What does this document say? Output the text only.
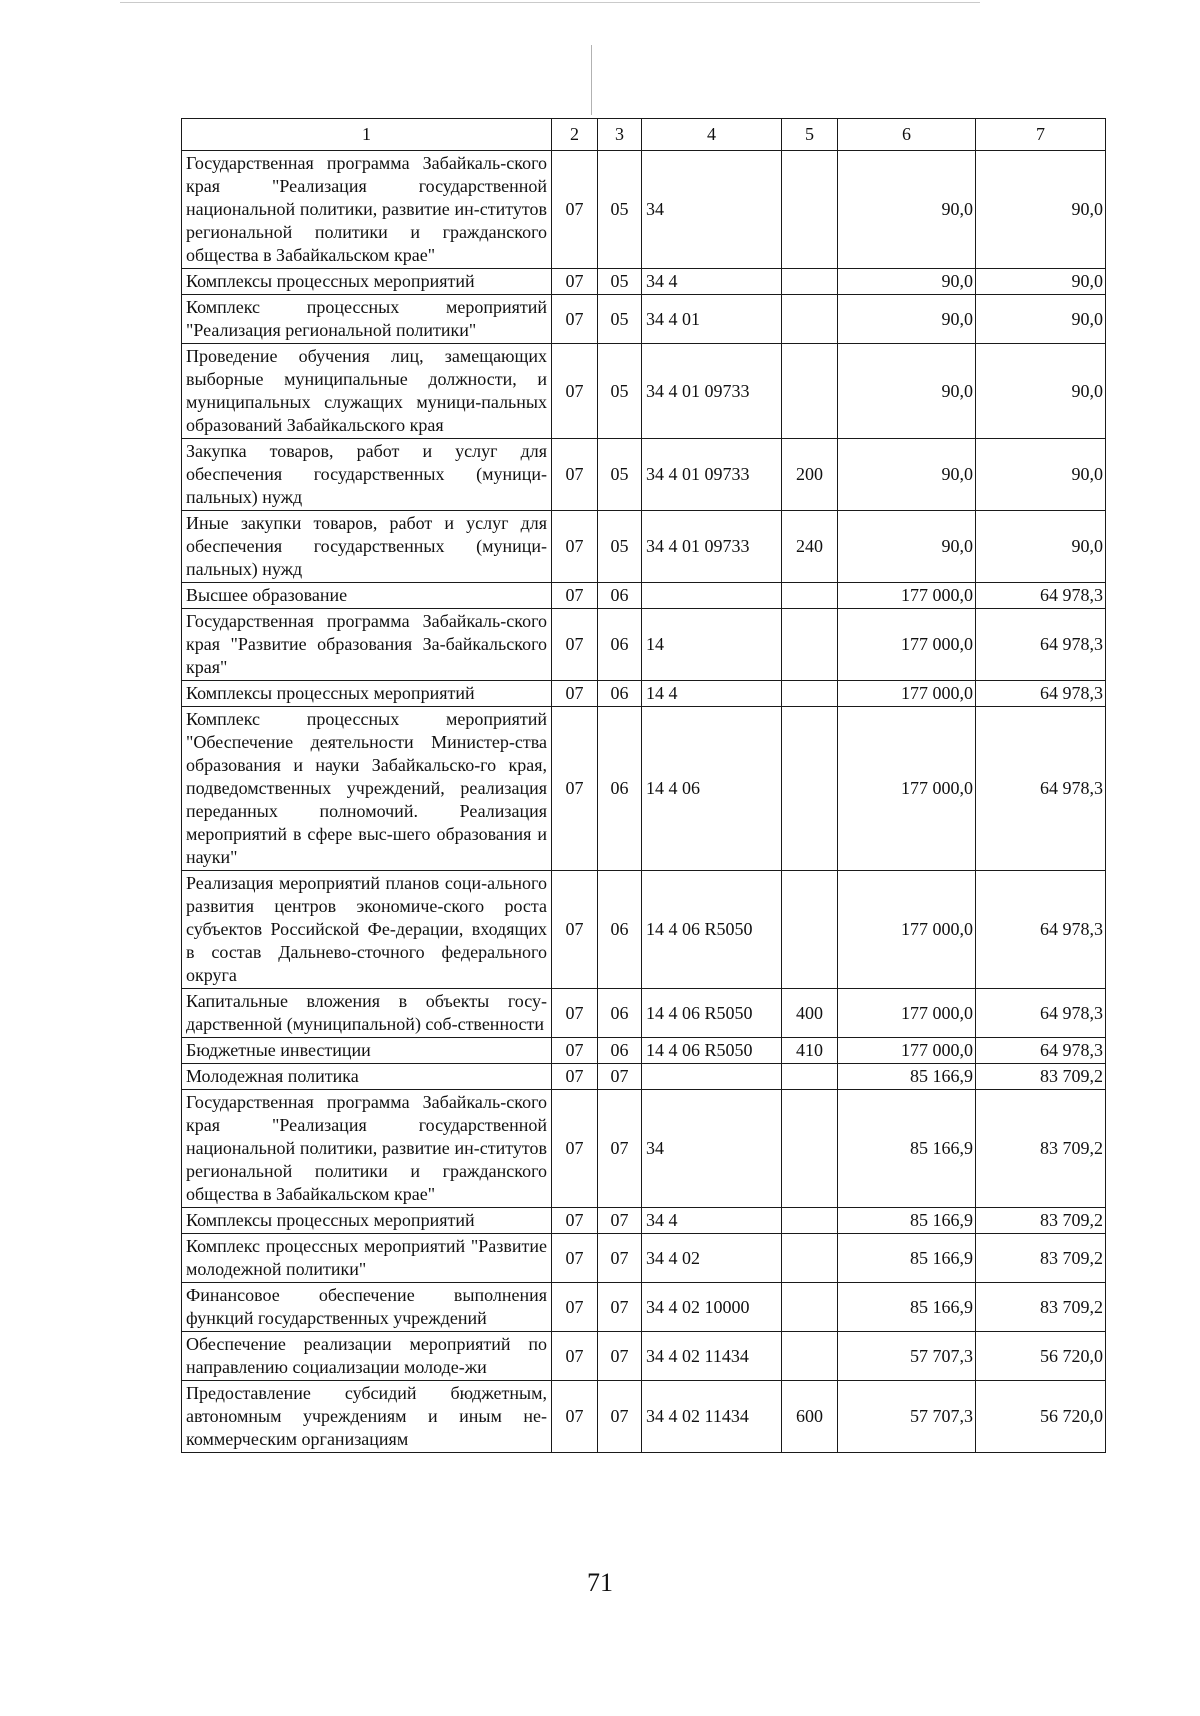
1	2	3	4	5	6	7
Государственная программа Забайкаль-ского края "Реализация государственной национальной политики, развитие ин-ститутов региональной политики и гражданского общества в Забайкальском крае"	07	05	34		90,0	90,0
Комплексы процессных мероприятий	07	05	34 4		90,0	90,0
Комплекс процессных мероприятий "Реализация региональной политики"	07	05	34 4 01		90,0	90,0
Проведение обучения лиц, замещающих выборные муниципальные должности, и муниципальных служащих муници-пальных образований Забайкальского края	07	05	34 4 01 09733		90,0	90,0
Закупка товаров, работ и услуг для обеспечения государственных (муници-пальных) нужд	07	05	34 4 01 09733	200	90,0	90,0
Иные закупки товаров, работ и услуг для обеспечения государственных (муници-пальных) нужд	07	05	34 4 01 09733	240	90,0	90,0
Высшее образование	07	06			177 000,0	64 978,3
Государственная программа Забайкаль-ского края "Развитие образования За-байкальского края"	07	06	14		177 000,0	64 978,3
Комплексы процессных мероприятий	07	06	14 4		177 000,0	64 978,3
Комплекс процессных мероприятий "Обеспечение деятельности Министер-ства образования и науки Забайкальско-го края, подведомственных учреждений, реализация переданных полномочий. Реализация мероприятий в сфере выс-шего образования и науки"	07	06	14 4 06		177 000,0	64 978,3
Реализация мероприятий планов соци-ального развития центров экономиче-ского роста субъектов Российской Фе-дерации, входящих в состав Дальнево-сточного федерального округа	07	06	14 4 06 R5050		177 000,0	64 978,3
Капитальные вложения в объекты госу-дарственной (муниципальной) соб-ственности	07	06	14 4 06 R5050	400	177 000,0	64 978,3
Бюджетные инвестиции	07	06	14 4 06 R5050	410	177 000,0	64 978,3
Молодежная политика	07	07			85 166,9	83 709,2
Государственная программа Забайкаль-ского края "Реализация государственной национальной политики, развитие ин-ститутов региональной политики и гражданского общества в Забайкальском крае"	07	07	34		85 166,9	83 709,2
Комплексы процессных мероприятий	07	07	34 4		85 166,9	83 709,2
Комплекс процессных мероприятий "Развитие молодежной политики"	07	07	34 4 02		85 166,9	83 709,2
Финансовое обеспечение выполнения функций государственных учреждений	07	07	34 4 02 10000		85 166,9	83 709,2
Обеспечение реализации мероприятий по направлению социализации молоде-жи	07	07	34 4 02 11434		57 707,3	56 720,0
Предоставление субсидий бюджетным, автономным учреждениям и иным не-коммерческим организациям	07	07	34 4 02 11434	600	57 707,3	56 720,0
71
